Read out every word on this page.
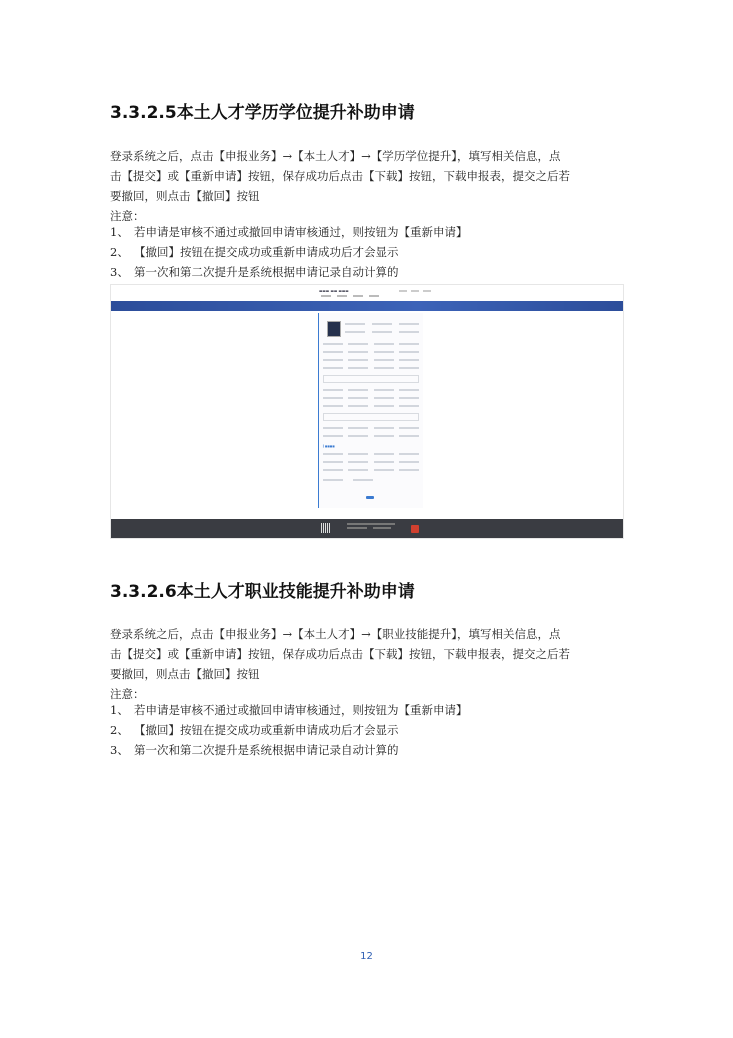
3.3.2.5本土人才学历学位提升补助申请

登录系统之后，点击【申报业务】→【本土人才】→【学历学位提升】，填写相关信息，点

击【提交】或【重新申请】按钮，保存成功后点击【下载】按钮，下载申报表，提交之后若

要撤回，则点击【撤回】按钮

注意：

1、 若申请是审核不通过或撤回申请审核通过，则按钮为【重新申请】
2、 【撤回】按钮在提交成功或重新申请成功后才会显示
3、 第一次和第二次提升是系统根据申请记录自动计算的
▬▬▬ ▬▬ ▬▬▬
▎■■■■
3.3.2.6本土人才职业技能提升补助申请

登录系统之后，点击【申报业务】→【本土人才】→【职业技能提升】，填写相关信息，点

击【提交】或【重新申请】按钮，保存成功后点击【下载】按钮，下载申报表，提交之后若

要撤回，则点击【撤回】按钮

注意：

1、 若申请是审核不通过或撤回申请审核通过，则按钮为【重新申请】
2、 【撤回】按钮在提交成功或重新申请成功后才会显示
3、 第一次和第二次提升是系统根据申请记录自动计算的
12
